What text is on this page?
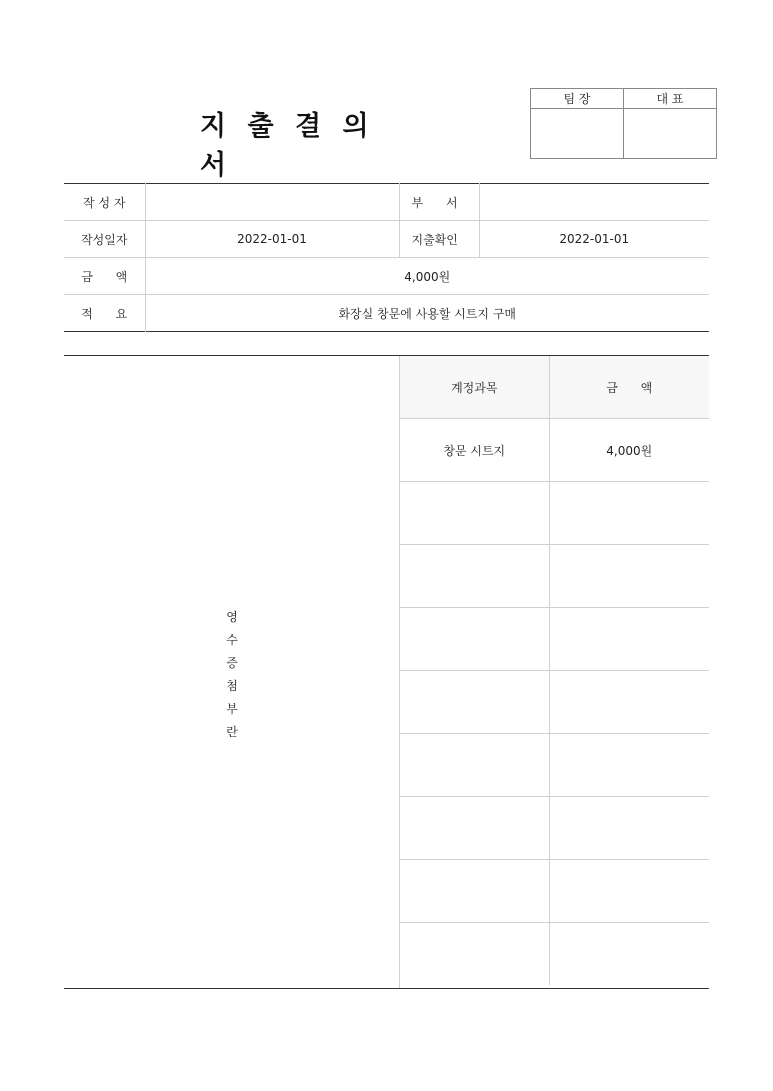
지 출 결 의 서
팀 장	대 표

작 성 자		부      서	
작성일자	2022-01-01	지출확인	2022-01-01
금      액	4,000원		
적      요	화장실 창문에 사용할 시트지 구매		
영
수
증
첨
부
란
계정과목	금      액
창문 시트지	4,000원
